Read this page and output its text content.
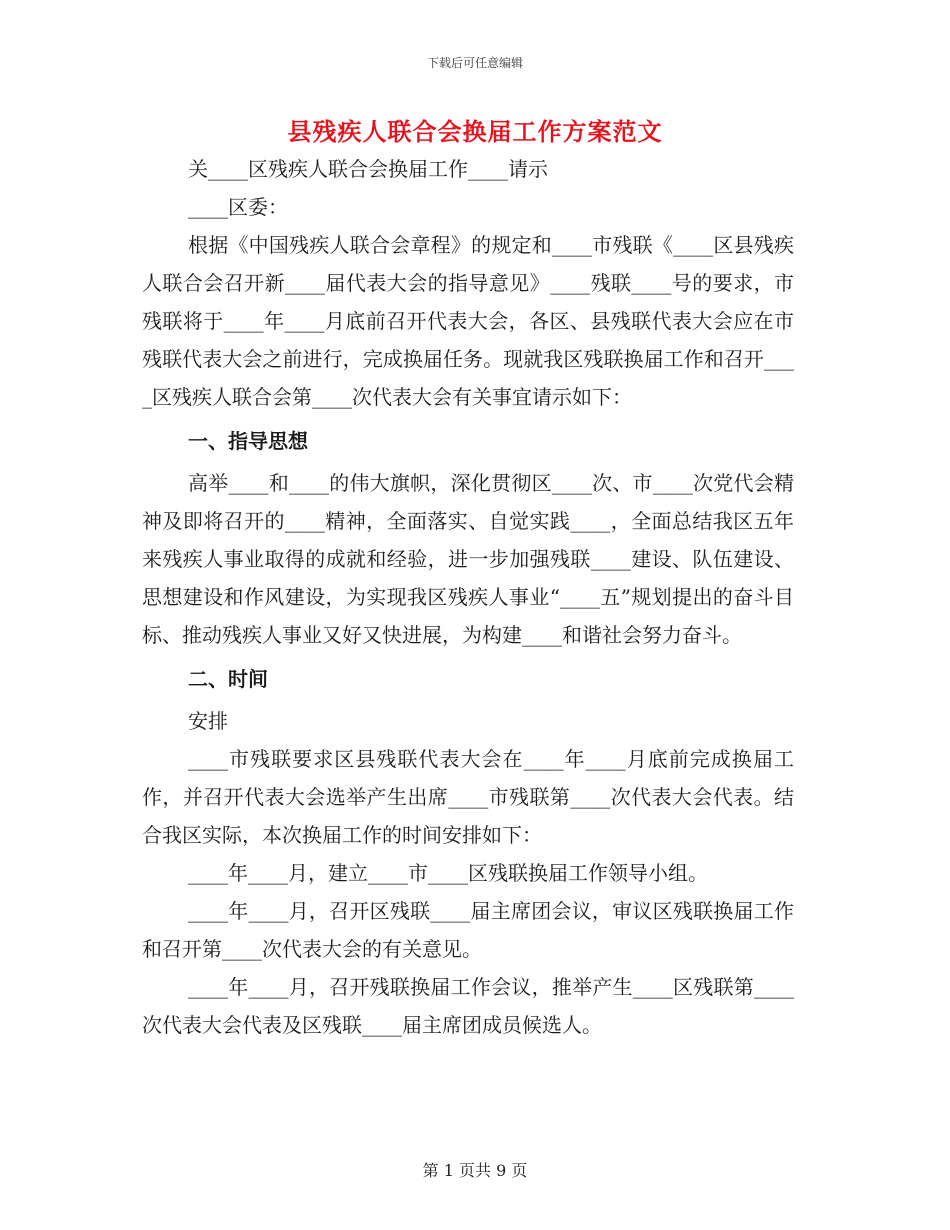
下载后可任意编辑
县残疾人联合会换届工作方案范文

关____区残疾人联合会换届工作____请示

____区委：

根据《中国残疾人联合会章程》的规定和____市残联《____区县残疾人联合会召开新____届代表大会的指导意见》____残联____号的要求，市残联将于____年____月底前召开代表大会，各区、县残联代表大会应在市残联代表大会之前进行，完成换届任务。现就我区残联换届工作和召开____区残疾人联合会第____次代表大会有关事宜请示如下：

一、指导思想

高举____和____的伟大旗帜，深化贯彻区____次、市____次党代会精神及即将召开的____精神，全面落实、自觉实践____，全面总结我区五年来残疾人事业取得的成就和经验，进一步加强残联____建设、队伍建设、思想建设和作风建设，为实现我区残疾人事业“____五”规划提出的奋斗目标、推动残疾人事业又好又快进展，为构建____和谐社会努力奋斗。

二、时间

安排

____市残联要求区县残联代表大会在____年____月底前完成换届工作，并召开代表大会选举产生出席____市残联第____次代表大会代表。结合我区实际，本次换届工作的时间安排如下：

____年____月，建立____市____区残联换届工作领导小组。

____年____月，召开区残联____届主席团会议，审议区残联换届工作和召开第____次代表大会的有关意见。

____年____月，召开残联换届工作会议，推举产生____区残联第____次代表大会代表及区残联____届主席团成员候选人。

第 1 页共 9 页
